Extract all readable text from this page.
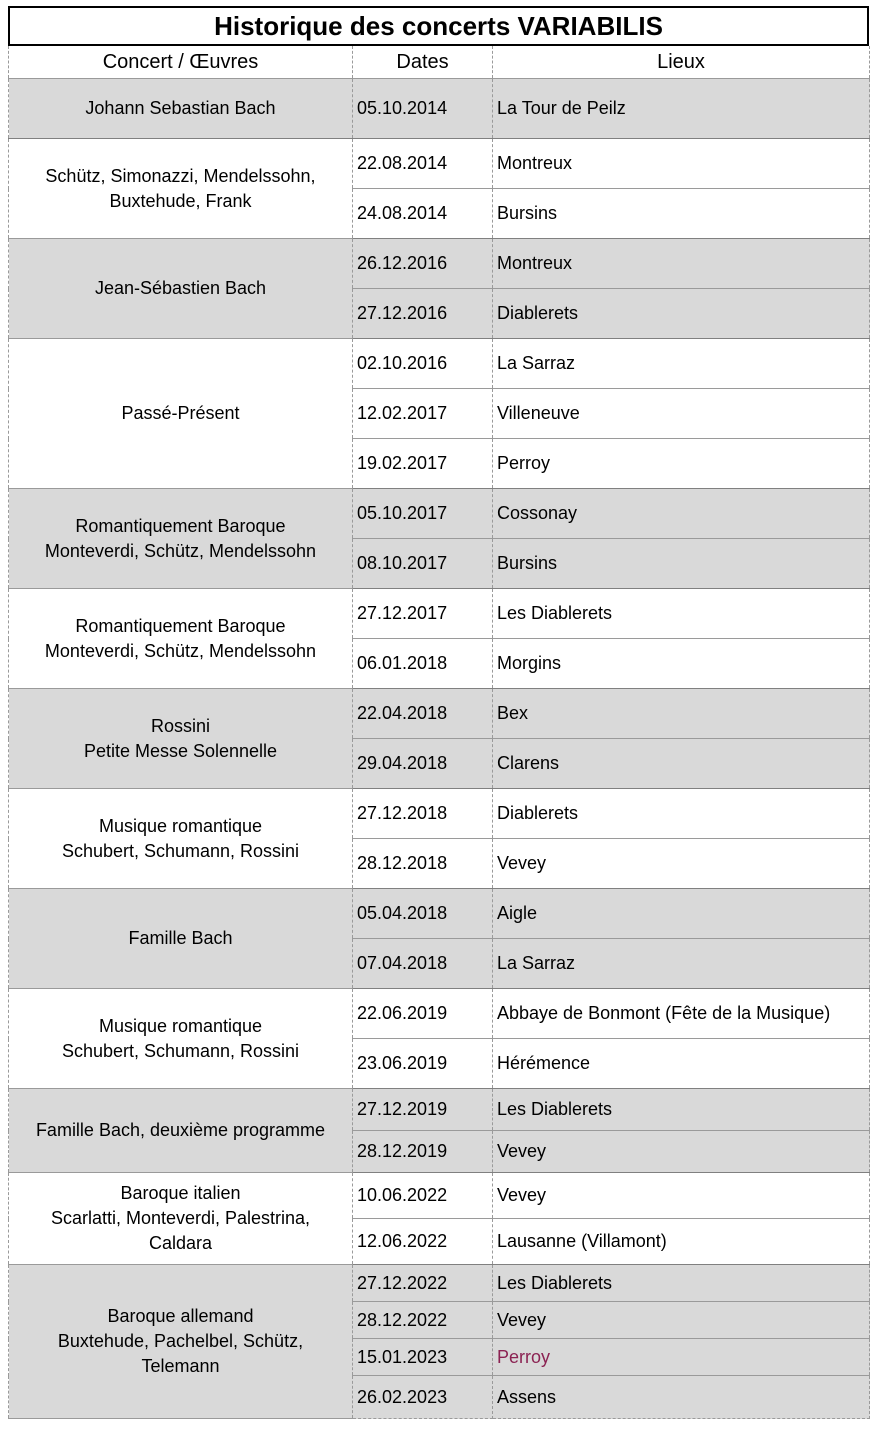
Historique des concerts VARIABILIS
Concert / Œuvres	Dates	Lieux

Johann Sebastian Bach	05.10.2014	La Tour de Peilz

Schütz, Simonazzi, Mendelssohn,
Buxtehude, Frank	22.08.2014	Montreux
	24.08.2014	Bursins

Jean-Sébastien Bach	26.12.2016	Montreux
	27.12.2016	Diablerets

Passé-Présent	02.10.2016	La Sarraz
	12.02.2017	Villeneuve
	19.02.2017	Perroy

Romantiquement Baroque
Monteverdi, Schütz, Mendelssohn	05.10.2017	Cossonay
	08.10.2017	Bursins

Romantiquement Baroque
Monteverdi, Schütz, Mendelssohn	27.12.2017	Les Diablerets
	06.01.2018	Morgins

Rossini
Petite Messe Solennelle	22.04.2018	Bex
	29.04.2018	Clarens

Musique romantique
Schubert, Schumann, Rossini	27.12.2018	Diablerets
	28.12.2018	Vevey

Famille Bach	05.04.2018	Aigle
	07.04.2018	La Sarraz

Musique romantique
Schubert, Schumann, Rossini	22.06.2019	Abbaye de Bonmont (Fête de la Musique)
	23.06.2019	Hérémence

Famille Bach, deuxième programme	27.12.2019	Les Diablerets
	28.12.2019	Vevey

Baroque italien
Scarlatti, Monteverdi, Palestrina,
Caldara	10.06.2022	Vevey
	12.06.2022	Lausanne (Villamont)

Baroque allemand
Buxtehude, Pachelbel, Schütz,
Telemann	27.12.2022	Les Diablerets
	28.12.2022	Vevey
	15.01.2023	Perroy
	26.02.2023	Assens
